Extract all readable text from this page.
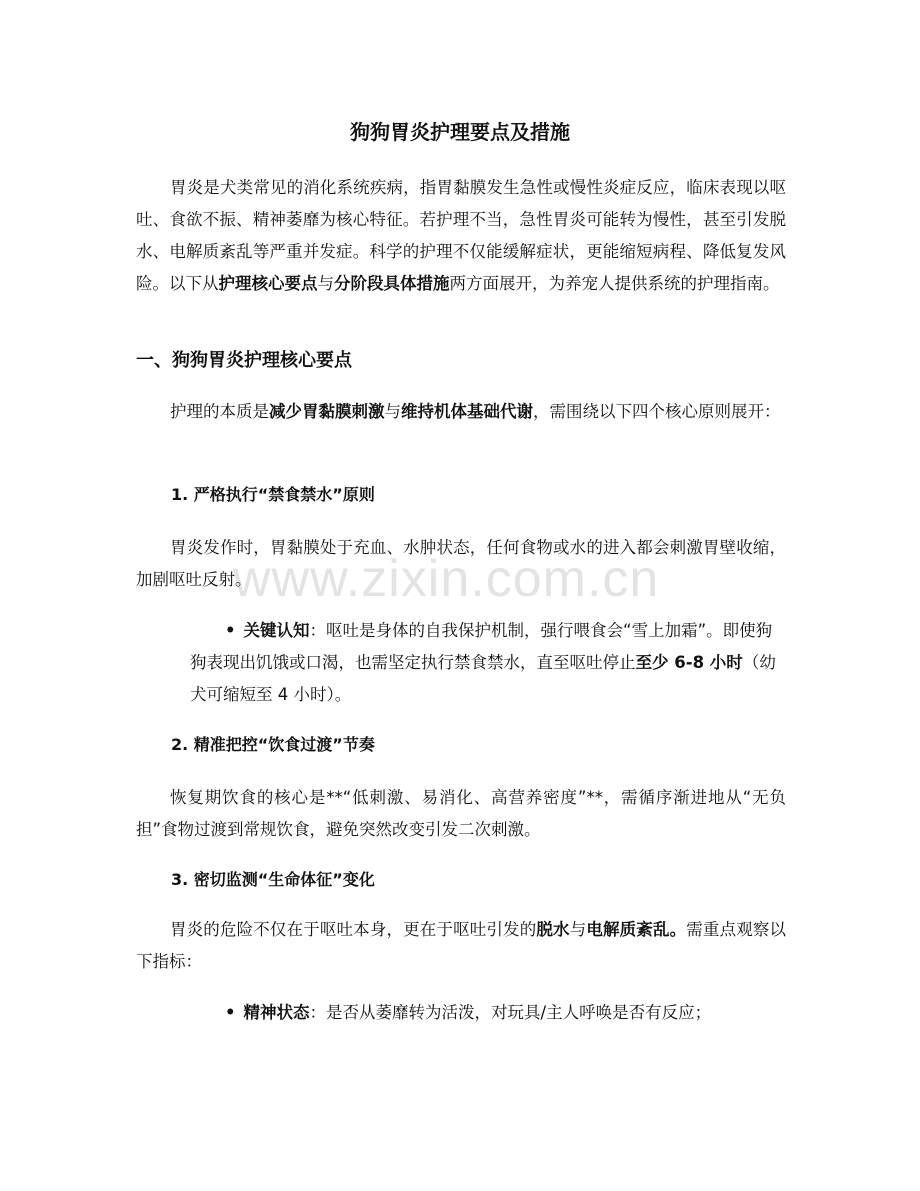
www.zixin.com.cn
狗狗胃炎护理要点及措施

胃炎是犬类常见的消化系统疾病，指胃黏膜发生急性或慢性炎症反应，临床表现以呕吐、食欲不振、精神萎靡为核心特征。若护理不当，急性胃炎可能转为慢性，甚至引发脱水、电解质紊乱等严重并发症。科学的护理不仅能缓解症状，更能缩短病程、降低复发风险。以下从护理核心要点与分阶段具体措施两方面展开，为养宠人提供系统的护理指南。

一、狗狗胃炎护理核心要点

护理的本质是减少胃黏膜刺激与维持机体基础代谢，需围绕以下四个核心原则展开：

1. 严格执行“禁食禁水”原则

胃炎发作时，胃黏膜处于充血、水肿状态，任何食物或水的进入都会刺激胃壁收缩，加剧呕吐反射。

• 关键认知：呕吐是身体的自我保护机制，强行喂食会“雪上加霜”。即使狗狗表现出饥饿或口渴，也需坚定执行禁食禁水，直至呕吐停止至少 6-8 小时（幼犬可缩短至 4 小时）。

2. 精准把控“饮食过渡”节奏

恢复期饮食的核心是**“低刺激、易消化、高营养密度”**，需循序渐进地从“无负担”食物过渡到常规饮食，避免突然改变引发二次刺激。

3. 密切监测“生命体征”变化

胃炎的危险不仅在于呕吐本身，更在于呕吐引发的脱水与电解质紊乱。需重点观察以下指标：

• 精神状态：是否从萎靡转为活泼，对玩具/主人呼唤是否有反应；
